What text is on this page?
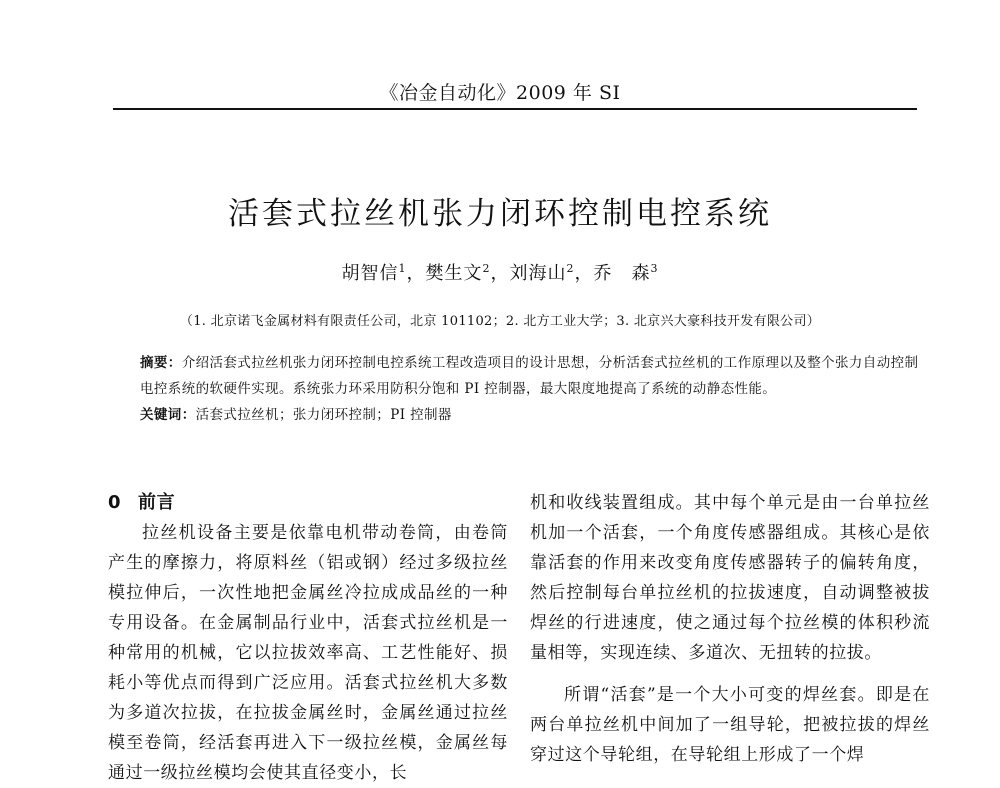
《冶金自动化》2009 年 SI
活套式拉丝机张力闭环控制电控系统
胡智信$^1$，樊生文$^2$，刘海山$^2$，乔　森$^3$
（1. 北京诺飞金属材料有限责任公司，北京 101102；2. 北方工业大学；3. 北京兴大豪科技开发有限公司）

摘要：介绍活套式拉丝机张力闭环控制电控系统工程改造项目的设计思想，分析活套式拉丝机的工作原理以及整个张力自动控制电控系统的软硬件实现。系统张力环采用防积分饱和 PI 控制器，最大限度地提高了系统的动静态性能。

关键词：活套式拉丝机；张力闭环控制；PI 控制器

0 前言

拉丝机设备主要是依靠电机带动卷筒，由卷筒产生的摩擦力，将原料丝（铝或钢）经过多级拉丝模拉伸后，一次性地把金属丝冷拉成成品丝的一种专用设备。在金属制品行业中，活套式拉丝机是一种常用的机械，它以拉拔效率高、工艺性能好、损耗小等优点而得到广泛应用。活套式拉丝机大多数为多道次拉拔，在拉拔金属丝时，金属丝通过拉丝模至卷筒，经活套再进入下一级拉丝模，金属丝每通过一级拉丝模均会使其直径变小，长

机和收线装置组成。其中每个单元是由一台单拉丝机加一个活套，一个角度传感器组成。其核心是依靠活套的作用来改变角度传感器转子的偏转角度，然后控制每台单拉丝机的拉拔速度，自动调整被拔焊丝的行进速度，使之通过每个拉丝模的体积秒流量相等，实现连续、多道次、无扭转的拉拔。

所谓“活套”是一个大小可变的焊丝套。即是在两台单拉丝机中间加了一组导轮，把被拉拔的焊丝穿过这个导轮组，在导轮组上形成了一个焊
